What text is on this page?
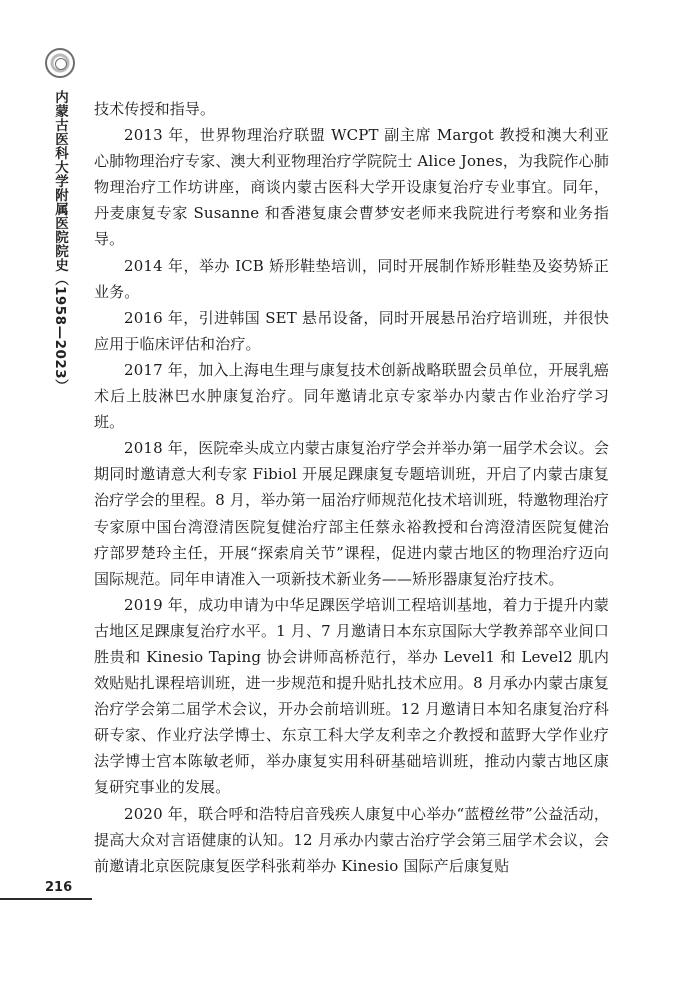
内蒙古医科大学附属医院院史（1958—2023） 技术传授和指导。

2013 年，世界物理治疗联盟 WCPT 副主席 Margot 教授和澳大利亚心肺物理治疗专家、澳大利亚物理治疗学院院士 Alice Jones，为我院作心肺物理治疗工作坊讲座，商谈内蒙古医科大学开设康复治疗专业事宜。同年，丹麦康复专家 Susanne 和香港复康会曹梦安老师来我院进行考察和业务指导。

2014 年，举办 ICB 矫形鞋垫培训，同时开展制作矫形鞋垫及姿势矫正业务。

2016 年，引进韩国 SET 悬吊设备，同时开展悬吊治疗培训班，并很快应用于临床评估和治疗。

2017 年，加入上海电生理与康复技术创新战略联盟会员单位，开展乳癌术后上肢淋巴水肿康复治疗。同年邀请北京专家举办内蒙古作业治疗学习班。

2018 年，医院牵头成立内蒙古康复治疗学会并举办第一届学术会议。会期同时邀请意大利专家 Fibiol 开展足踝康复专题培训班，开启了内蒙古康复治疗学会的里程。8 月，举办第一届治疗师规范化技术培训班，特邀物理治疗专家原中国台湾澄清医院复健治疗部主任蔡永裕教授和台湾澄清医院复健治疗部罗楚玲主任，开展“探索肩关节”课程，促进内蒙古地区的物理治疗迈向国际规范。同年申请准入一项新技术新业务——矫形器康复治疗技术。

2019 年，成功申请为中华足踝医学培训工程培训基地，着力于提升内蒙古地区足踝康复治疗水平。1 月、7 月邀请日本东京国际大学教养部卒业间口胜贵和 Kinesio Taping 协会讲师高桥范行，举办 Level1 和 Level2 肌内效贴贴扎课程培训班，进一步规范和提升贴扎技术应用。8 月承办内蒙古康复治疗学会第二届学术会议，开办会前培训班。12 月邀请日本知名康复治疗科研专家、作业疗法学博士、东京工科大学友利幸之介教授和蓝野大学作业疗法学博士宫本陈敏老师，举办康复实用科研基础培训班，推动内蒙古地区康复研究事业的发展。

2020 年，联合呼和浩特启音残疾人康复中心举办“蓝橙丝带”公益活动，提高大众对言语健康的认知。12 月承办内蒙古治疗学会第三届学术会议，会前邀请北京医院康复医学科张莉举办 Kinesio 国际产后康复贴

216
